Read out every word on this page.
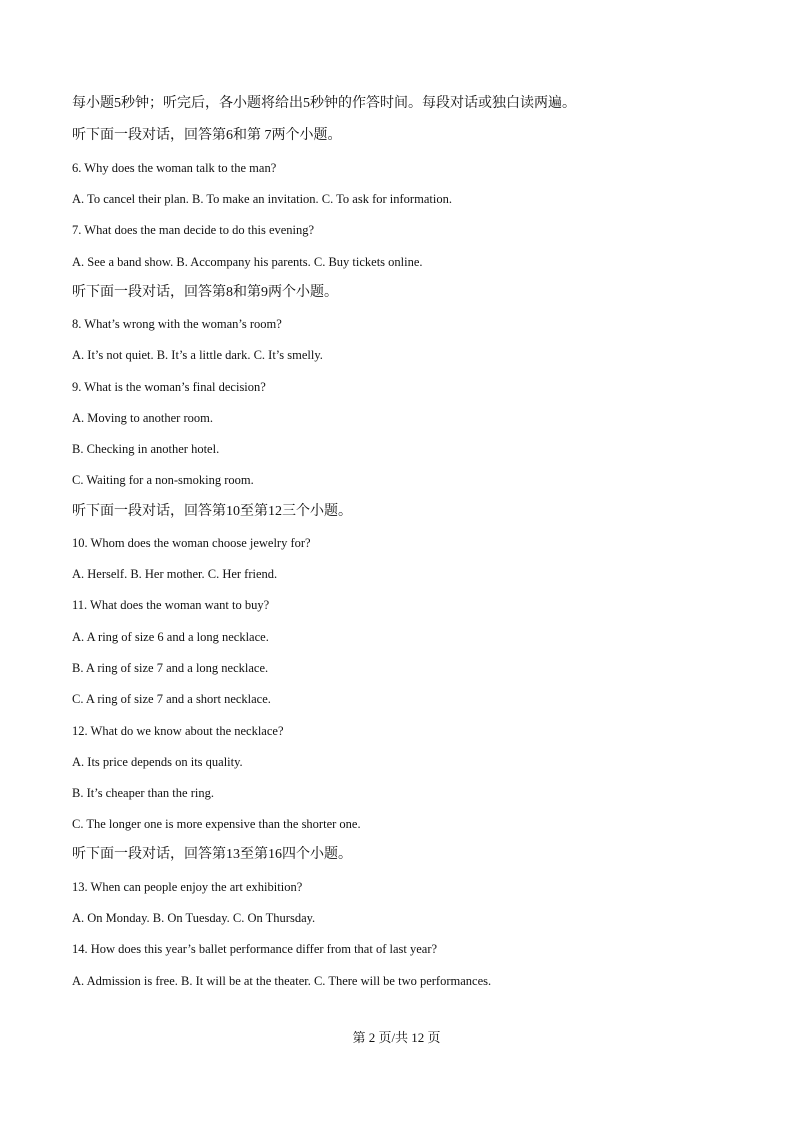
每小题5秒钟；听完后，各小题将给出5秒钟的作答时间。每段对话或独白读两遍。
听下面一段对话，回答第6和第 7两个小题。
6. Why does the woman talk to the man?
A. To cancel their plan. B. To make an invitation. C. To ask for information.
7. What does the man decide to do this evening?
A. See a band show. B. Accompany his parents. C. Buy tickets online.
听下面一段对话，回答第8和第9两个小题。
8. What’s wrong with the woman’s room?
A. It’s not quiet. B. It’s a little dark. C. It’s smelly.
9. What is the woman’s final decision?
A. Moving to another room.
B. Checking in another hotel.
C. Waiting for a non-smoking room.
听下面一段对话，回答第10至第12三个小题。
10. Whom does the woman choose jewelry for?
A. Herself. B. Her mother. C. Her friend.
11. What does the woman want to buy?
A. A ring of size 6 and a long necklace.
B. A ring of size 7 and a long necklace.
C. A ring of size 7 and a short necklace.
12. What do we know about the necklace?
A. Its price depends on its quality.
B. It’s cheaper than the ring.
C. The longer one is more expensive than the shorter one.
听下面一段对话，回答第13至第16四个小题。
13. When can people enjoy the art exhibition?
A. On Monday. B. On Tuesday. C. On Thursday.
14. How does this year’s ballet performance differ from that of last year?
A. Admission is free. B. It will be at the theater. C. There will be two performances.
第 2 页/共 12 页
